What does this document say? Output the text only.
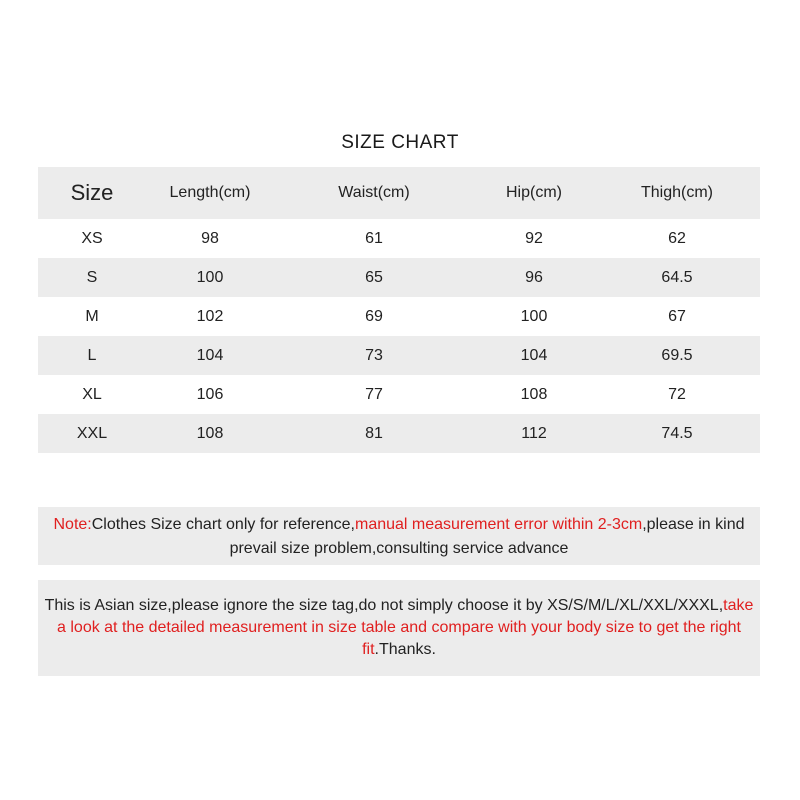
SIZE CHART
Size	Length(cm)	Waist(cm)	Hip(cm)	Thigh(cm)
XS	98	61	92	62
S	100	65	96	64.5
M	102	69	100	67
L	104	73	104	69.5
XL	106	77	108	72
XXL	108	81	112	74.5
Note:Clothes Size chart only for reference,manual measurement error within 2-3cm,please in kind prevail size problem,consulting service advance
This is Asian size,please ignore the size tag,do not simply choose it by XS/S/M/L/XL/XXL/XXXL,take a look at the detailed measurement in size table and compare with your body size to get the right fit.Thanks.
